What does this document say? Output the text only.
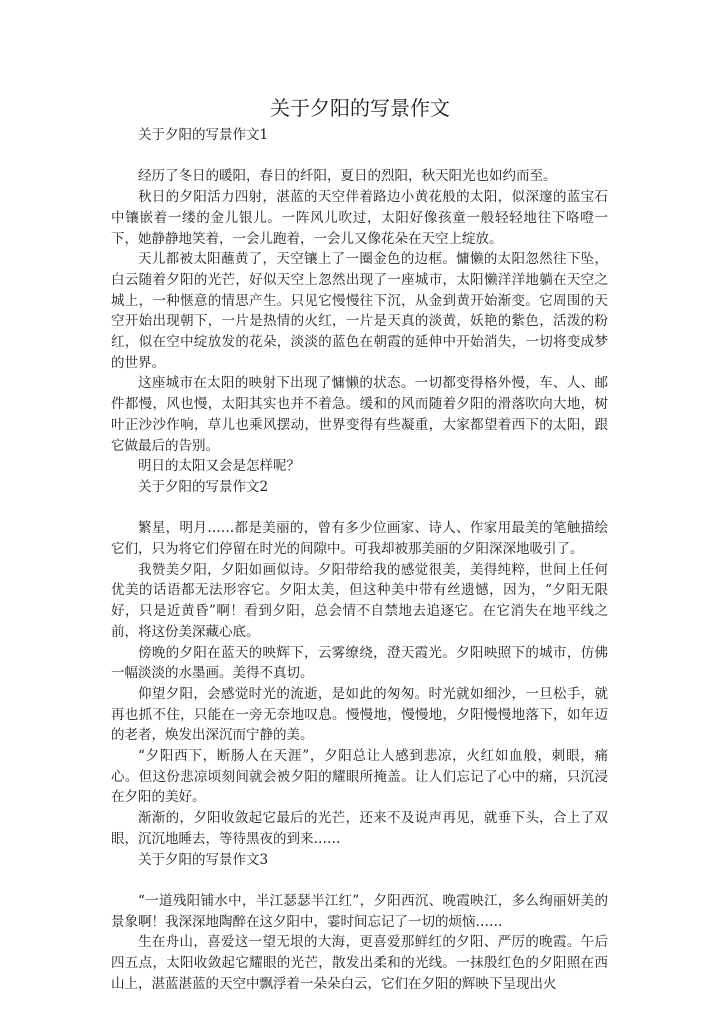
关于夕阳的写景作文

关于夕阳的写景作文1

经历了冬日的暖阳，春日的纤阳，夏日的烈阳，秋天阳光也如约而至。

秋日的夕阳活力四射，湛蓝的天空伴着路边小黄花般的太阳，似深邃的蓝宝石中镶嵌着一缕的金儿银儿。一阵风儿吹过，太阳好像孩童一般轻轻地往下咯噔一下，她静静地笑着，一会儿跑着，一会儿又像花朵在天空上绽放。

天儿都被太阳蘸黄了，天空镶上了一圈金色的边框。慵懒的太阳忽然往下坠，白云随着夕阳的光芒，好似天空上忽然出现了一座城市，太阳懒洋洋地躺在天空之城上，一种惬意的情思产生。只见它慢慢往下沉，从金到黄开始渐变。它周围的天空开始出现朝下，一片是热情的火红，一片是天真的淡黄，妖艳的紫色，活泼的粉红，似在空中绽放发的花朵，淡淡的蓝色在朝霞的延伸中开始消失，一切将变成梦的世界。

这座城市在太阳的映射下出现了慵懒的状态。一切都变得格外慢，车、人、邮件都慢，风也慢，太阳其实也并不着急。缓和的风而随着夕阳的滑落吹向大地，树叶正沙沙作响，草儿也乘风摆动，世界变得有些凝重，大家都望着西下的太阳，跟它做最后的告别。

明日的太阳又会是怎样呢？

关于夕阳的写景作文2

繁星，明月……都是美丽的，曾有多少位画家、诗人、作家用最美的笔触描绘它们，只为将它们停留在时光的间隙中。可我却被那美丽的夕阳深深地吸引了。

我赞美夕阳，夕阳如画似诗。夕阳带给我的感觉很美，美得纯粹，世间上任何优美的话语都无法形容它。夕阳太美，但这种美中带有丝遗憾，因为，“夕阳无限好，只是近黄昏”啊！看到夕阳，总会情不自禁地去追逐它。在它消失在地平线之前，将这份美深藏心底。

傍晚的夕阳在蓝天的映辉下，云雾缭绕，澄天霞光。夕阳映照下的城市，仿佛一幅淡淡的水墨画。美得不真切。

仰望夕阳，会感觉时光的流逝，是如此的匆匆。时光就如细沙，一旦松手，就再也抓不住，只能在一旁无奈地叹息。慢慢地，慢慢地，夕阳慢慢地落下，如年迈的老者，焕发出深沉而宁静的美。

“夕阳西下，断肠人在天涯”，夕阳总让人感到悲凉，火红如血般，刺眼，痛心。但这份悲凉顷刻间就会被夕阳的耀眼所掩盖。让人们忘记了心中的痛，只沉浸在夕阳的美好。

渐渐的，夕阳收敛起它最后的光芒，还来不及说声再见，就垂下头，合上了双眼，沉沉地睡去，等待黑夜的到来……

关于夕阳的写景作文3

“一道残阳铺水中，半江瑟瑟半江红”，夕阳西沉、晚霞映江，多么绚丽妍美的景象啊！我深深地陶醉在这夕阳中，霎时间忘记了一切的烦恼……

生在舟山，喜爱这一望无垠的大海，更喜爱那鲜红的夕阳、严厉的晚霞。午后四五点，太阳收敛起它耀眼的光芒，散发出柔和的光线。一抹殷红色的夕阳照在西山上，湛蓝湛蓝的天空中飘浮着一朵朵白云，它们在夕阳的辉映下呈现出火
